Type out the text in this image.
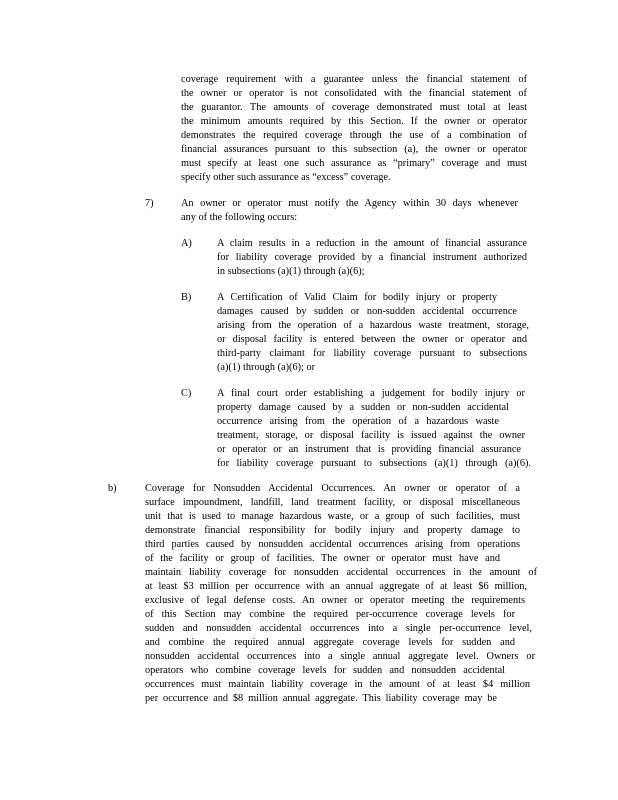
coverage requirement with a guarantee unless the financial statement of
the owner or operator is not consolidated with the financial statement of
the guarantor. The amounts of coverage demonstrated must total at least
the minimum amounts required by this Section. If the owner or operator
demonstrates the required coverage through the use of a combination of
financial assurances pursuant to this subsection (a), the owner or operator
must specify at least one such assurance as “primary” coverage and must
specify other such assurance as “excess” coverage.
7)	An owner or operator must notify the Agency within 30 days whenever
any of the following occurs:
A) A claim results in a reduction in the amount of financial assurance
for liability coverage provided by a financial instrument authorized
in subsections (a)(1) through (a)(6);
B) A Certification of Valid Claim for bodily injury or property
damages caused by sudden or non-sudden accidental occurrence
arising from the operation of a hazardous waste treatment, storage,
or disposal facility is entered between the owner or operator and
third-party claimant for liability coverage pursuant to subsections
(a)(1) through (a)(6); or
C) A final court order establishing a judgement for bodily injury or
property damage caused by a sudden or non-sudden accidental
occurrence arising from the operation of a hazardous waste
treatment, storage, or disposal facility is issued against the owner
or operator or an instrument that is providing financial assurance
for liability coverage pursuant to subsections (a)(1) through (a)(6).
b)	Coverage for Nonsudden Accidental Occurrences. An owner or operator of a
surface impoundment, landfill, land treatment facility, or disposal miscellaneous
unit that is used to manage hazardous waste, or a group of such facilities, must
demonstrate financial responsibility for bodily injury and property damage to
third parties caused by nonsudden accidental occurrences arising from operations
of the facility or group of facilities. The owner or operator must have and
maintain liability coverage for nonsudden accidental occurrences in the amount of
at least $3 million per occurrence with an annual aggregate of at least $6 million,
exclusive of legal defense costs. An owner or operator meeting the requirements
of this Section may combine the required per-occurrence coverage levels for
sudden and nonsudden accidental occurrences into a single per-occurrence level,
and combine the required annual aggregate coverage levels for sudden and
nonsudden accidental occurrences into a single annual aggregate level. Owners or
operators who combine coverage levels for sudden and nonsudden accidental
occurrences must maintain liability coverage in the amount of at least $4 million
per occurrence and $8 million annual aggregate. This liability coverage may be
